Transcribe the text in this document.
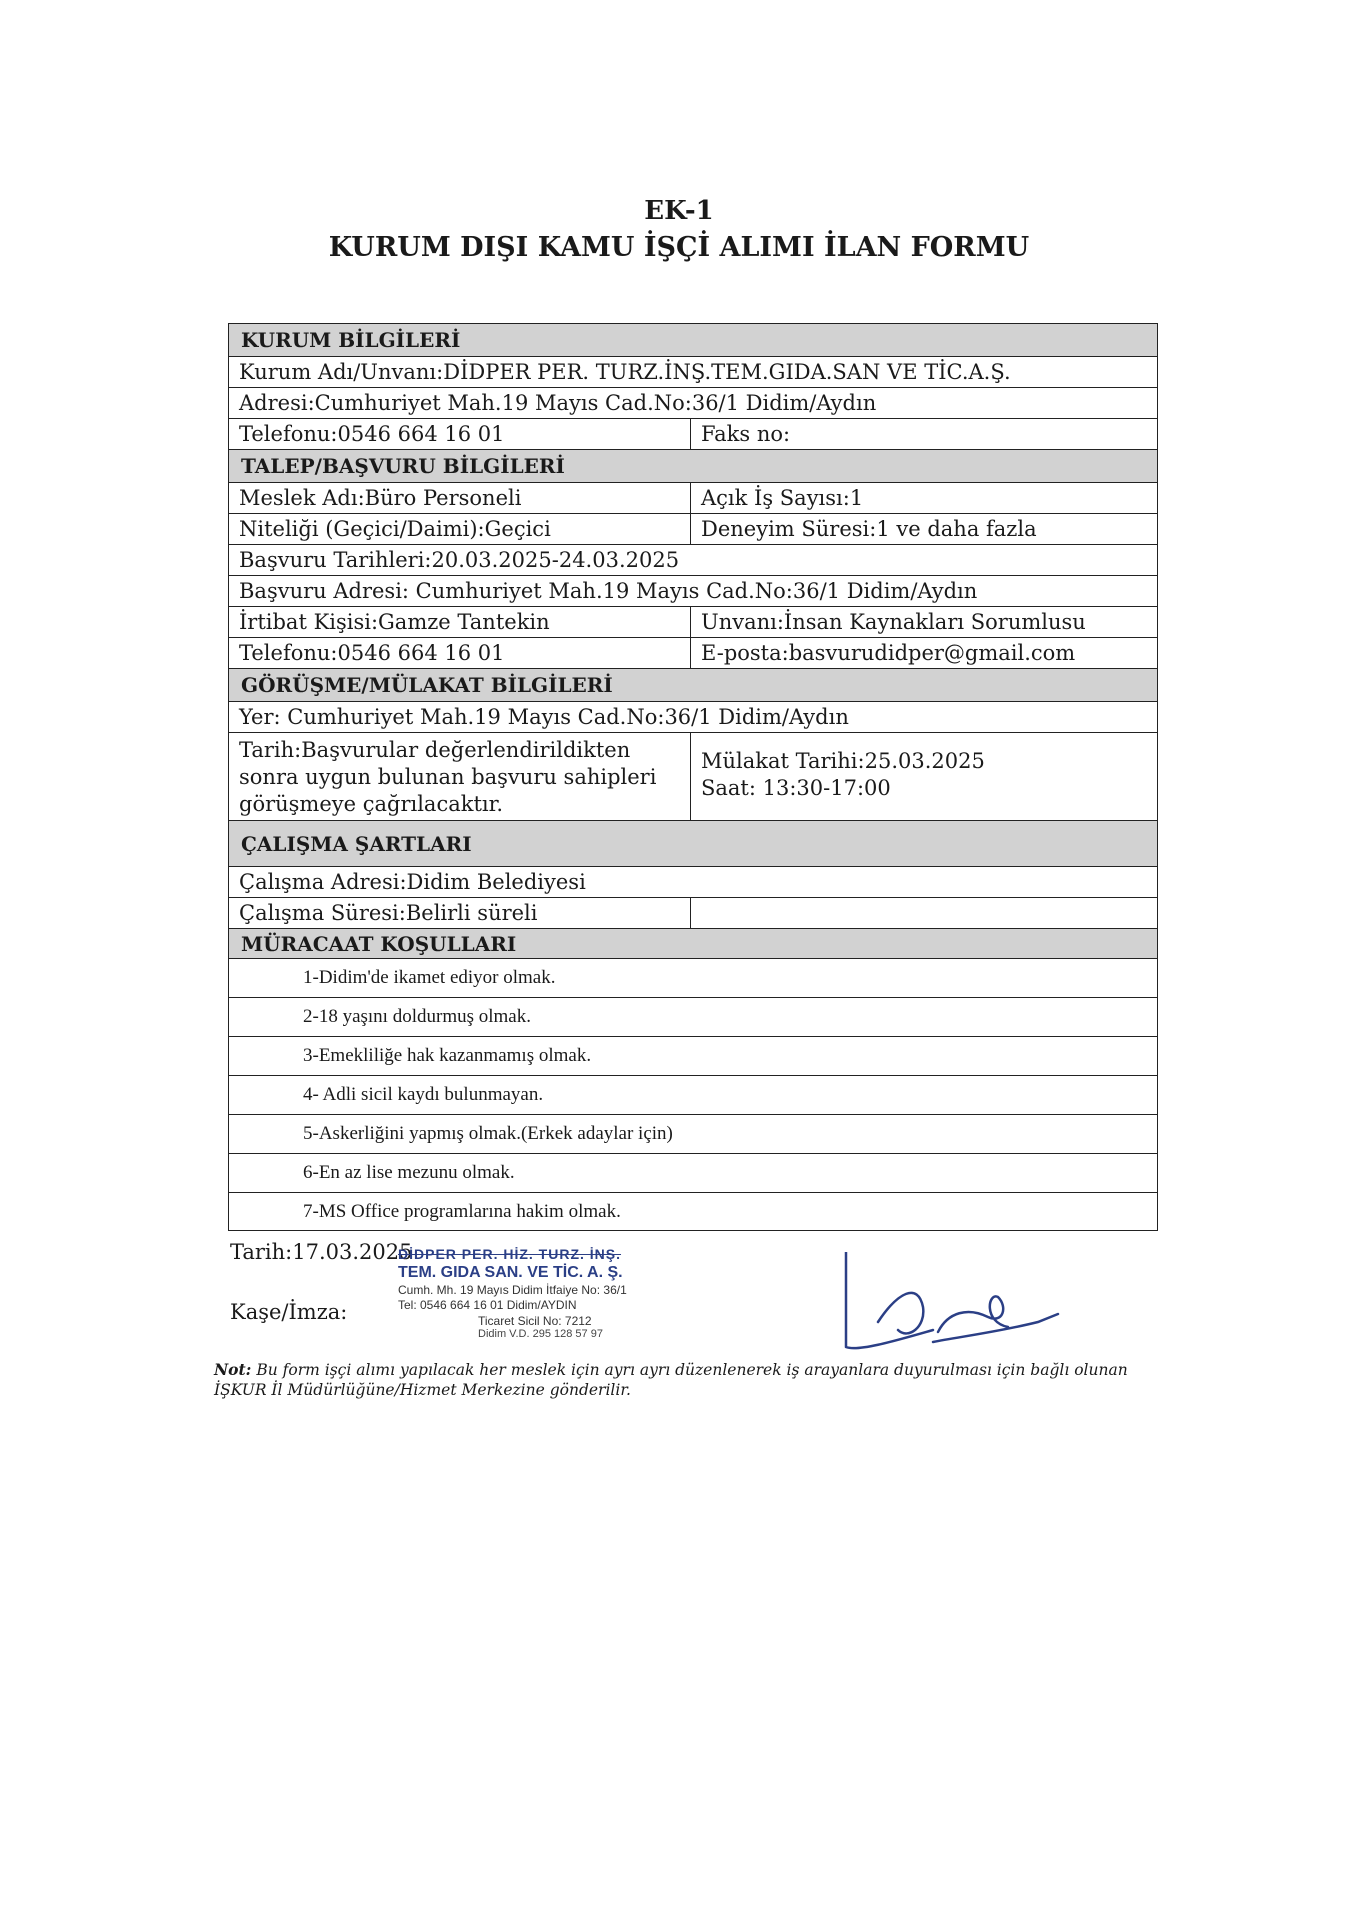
EK-1
KURUM DIŞI KAMU İŞÇİ ALIMI İLAN FORMU
KURUM BİLGİLERİ
Kurum Adı/Unvanı:DİDPER PER. TURZ.İNŞ.TEM.GIDA.SAN VE TİC.A.Ş.
Adresi:Cumhuriyet Mah.19 Mayıs Cad.No:36/1 Didim/Aydın
Telefonu:0546 664 16 01	Faks no:
TALEP/BAŞVURU BİLGİLERİ
Meslek Adı:Büro Personeli	Açık İş Sayısı:1
Niteliği (Geçici/Daimi):Geçici	Deneyim Süresi:1 ve daha fazla
Başvuru Tarihleri:20.03.2025-24.03.2025
Başvuru Adresi: Cumhuriyet Mah.19 Mayıs Cad.No:36/1 Didim/Aydın
İrtibat Kişisi:Gamze Tantekin	Unvanı:İnsan Kaynakları Sorumlusu
Telefonu:0546 664 16 01	E-posta:basvurudidper@gmail.com
GÖRÜŞME/MÜLAKAT BİLGİLERİ
Yer: Cumhuriyet Mah.19 Mayıs Cad.No:36/1 Didim/Aydın
Tarih:Başvurular değerlendirildikten sonra uygun bulunan başvuru sahipleri görüşmeye çağrılacaktır.
Mülakat Tarihi:25.03.2025
Saat: 13:30-17:00
ÇALIŞMA ŞARTLARI
Çalışma Adresi:Didim Belediyesi
Çalışma Süresi:Belirli süreli
MÜRACAAT KOŞULLARI
1-Didim'de ikamet ediyor olmak.
2-18 yaşını doldurmuş olmak.
3-Emekliliğe hak kazanmamış olmak.
4- Adli sicil kaydı bulunmayan.
5-Askerliğini yapmış olmak.(Erkek adaylar için)
6-En az lise mezunu olmak.
7-MS Office programlarına hakim olmak.
Tarih:17.03.2025
Kaşe/İmza:
DİDPER PER. HİZ. TURZ. İNŞ.
TEM. GIDA SAN. VE TİC. A. Ş.
Cumh. Mh. 19 Mayıs Didim İtfaiye No: 36/1
Tel: 0546 664 16 01 Didim/AYDIN
Ticaret Sicil No: 7212
Didim V.D. 295 128 57 97
Not: Bu form işçi alımı yapılacak her meslek için ayrı ayrı düzenlenerek iş arayanlara duyurulması için bağlı olunan İŞKUR İl Müdürlüğüne/Hizmet Merkezine gönderilir.
